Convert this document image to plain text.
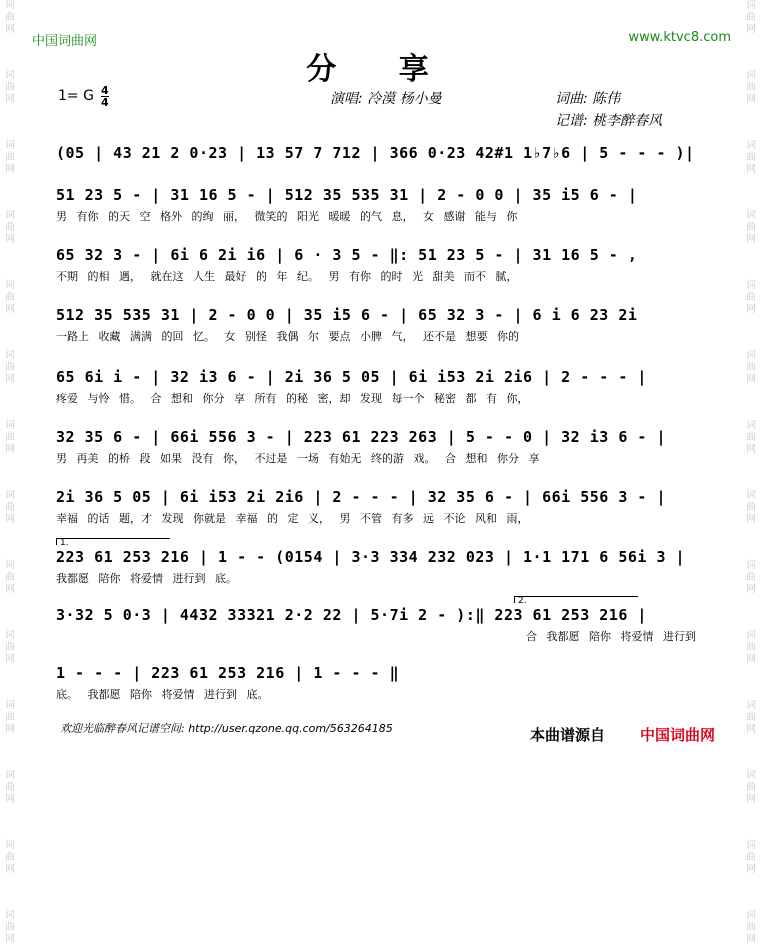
词曲网
词曲网
词曲网
词曲网
词曲网
词曲网
词曲网
词曲网
词曲网
词曲网
词曲网
词曲网
词曲网
词曲网
词曲网
词曲网
词曲网
词曲网
词曲网
词曲网
词曲网
词曲网
词曲网
词曲网
词曲网
词曲网
词曲网
词曲网
中国词曲网	www.ktvc8.com
分 享
1= G 4
4	演唱: 冷漠 杨小曼	词曲: 陈伟
记谱: 桃李醉春风
(05 | 43 21 2 0·23 | 13 57 7 712 | 366 0·23 42#1 1♭7♭6 | 5 - - - )|
51 23 5 - | 31 16 5 - | 512 35 535 31 | 2 - 0 0 | 35 i5 6 - |
男 有你 的天 空 格外 的绚 丽， 微笑的 阳光 暖暖 的气 息， 女 感谢 能与 你
65 32 3 - | 6i 6 2i i6 | 6 · 3 5 - ‖: 51 23 5 - | 31 16 5 - ,
不期 的相 遇， 就在这 人生 最好 的 年 纪。 男 有你 的时 光 甜美 而不 腻，
512 35 535 31 | 2 - 0 0 | 35 i5 6 - | 65 32 3 - | 6 i 6 23 2i
一路上 收藏 满满 的回 忆。 女 别怪 我偶 尔 要点 小脾 气， 还不是 想要 你的
65 6i i - | 32 i3 6 - | 2i 36 5 05 | 6i i53 2i 2i6 | 2 - - - |
疼爱 与怜 惜。 合 想和 你分 享 所有 的秘 密，却 发现 每一个 秘密 都 有 你，
32 35 6 - | 66i 556 3 - | 223 61 223 263 | 5 - - 0 | 32 i3 6 - |
男 再美 的桥 段 如果 没有 你， 不过是 一场 有始无 终的游 戏。 合 想和 你分 享
2i 36 5 05 | 6i i53 2i 2i6 | 2 - - - | 32 35 6 - | 66i 556 3 - |
幸福 的话 题，才 发现 你就是 幸福 的 定 义， 男 不管 有多 远 不论 风和 雨，
1.
223 61 253 216 | 1 - - (0154 | 3·3 334 232 023 | 1·1 171 6 56i 3 |
我都愿 陪你 将爱情 进行到 底。
2.
3·32 5 0·3 | 4432 33321 2·2 22 | 5·7i 2 - ):‖ 223 61 253 216 |
合 我都愿 陪你 将爱情 进行到
1 - - - | 223 61 253 216 | 1 - - - ‖
底。 我都愿 陪你 将爱情 进行到 底。
欢迎光临醉春风记谱空间: http://user.qzone.qq.com/563264185	本曲谱源自 中国词曲网
